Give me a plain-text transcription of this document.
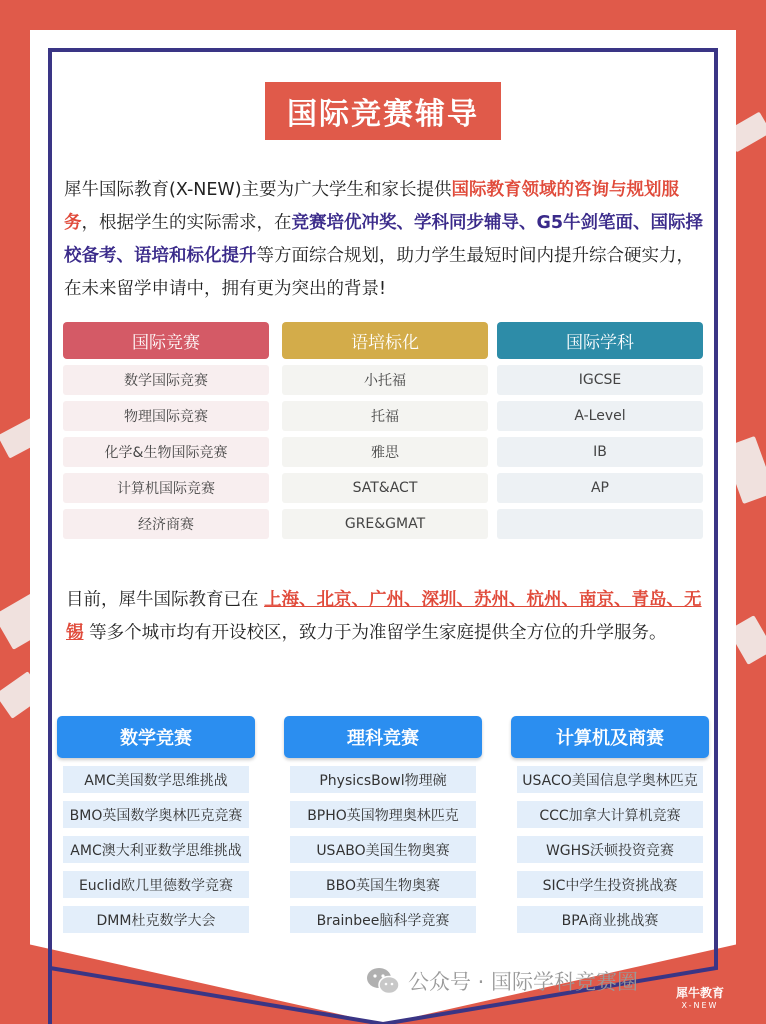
国际竞赛辅导
犀牛国际教育(X-NEW)主要为广大学生和家长提供国际教育领域的咨询与规划服务，根据学生的实际需求，在竞赛培优冲奖、学科同步辅导、G5牛剑笔面、国际择校备考、语培和标化提升等方面综合规划，助力学生最短时间内提升综合硬实力，在未来留学申请中，拥有更为突出的背景!
国际竞赛
数学国际竞赛
物理国际竞赛
化学&生物国际竞赛
计算机国际竞赛
经济商赛
语培标化
小托福
托福
雅思
SAT&ACT
GRE&GMAT
国际学科
IGCSE
A-Level
IB
AP
目前，犀牛国际教育已在 上海、北京、广州、深圳、苏州、杭州、南京、青岛、无锡 等多个城市均有开设校区，致力于为准留学生家庭提供全方位的升学服务。
数学竞赛
AMC美国数学思维挑战
BMO英国数学奥林匹克竞赛
AMC澳大利亚数学思维挑战
Euclid欧几里德数学竞赛
DMM杜克数学大会
理科竞赛
PhysicsBowl物理碗
BPHO英国物理奥林匹克
USABO美国生物奥赛
BBO英国生物奥赛
Brainbee脑科学竞赛
计算机及商赛
USACO美国信息学奥林匹克
CCC加拿大计算机竞赛
WGHS沃顿投资竞赛
SIC中学生投资挑战赛
BPA商业挑战赛
公众号 · 国际学科竞赛圈	犀牛教育
X-NEW
